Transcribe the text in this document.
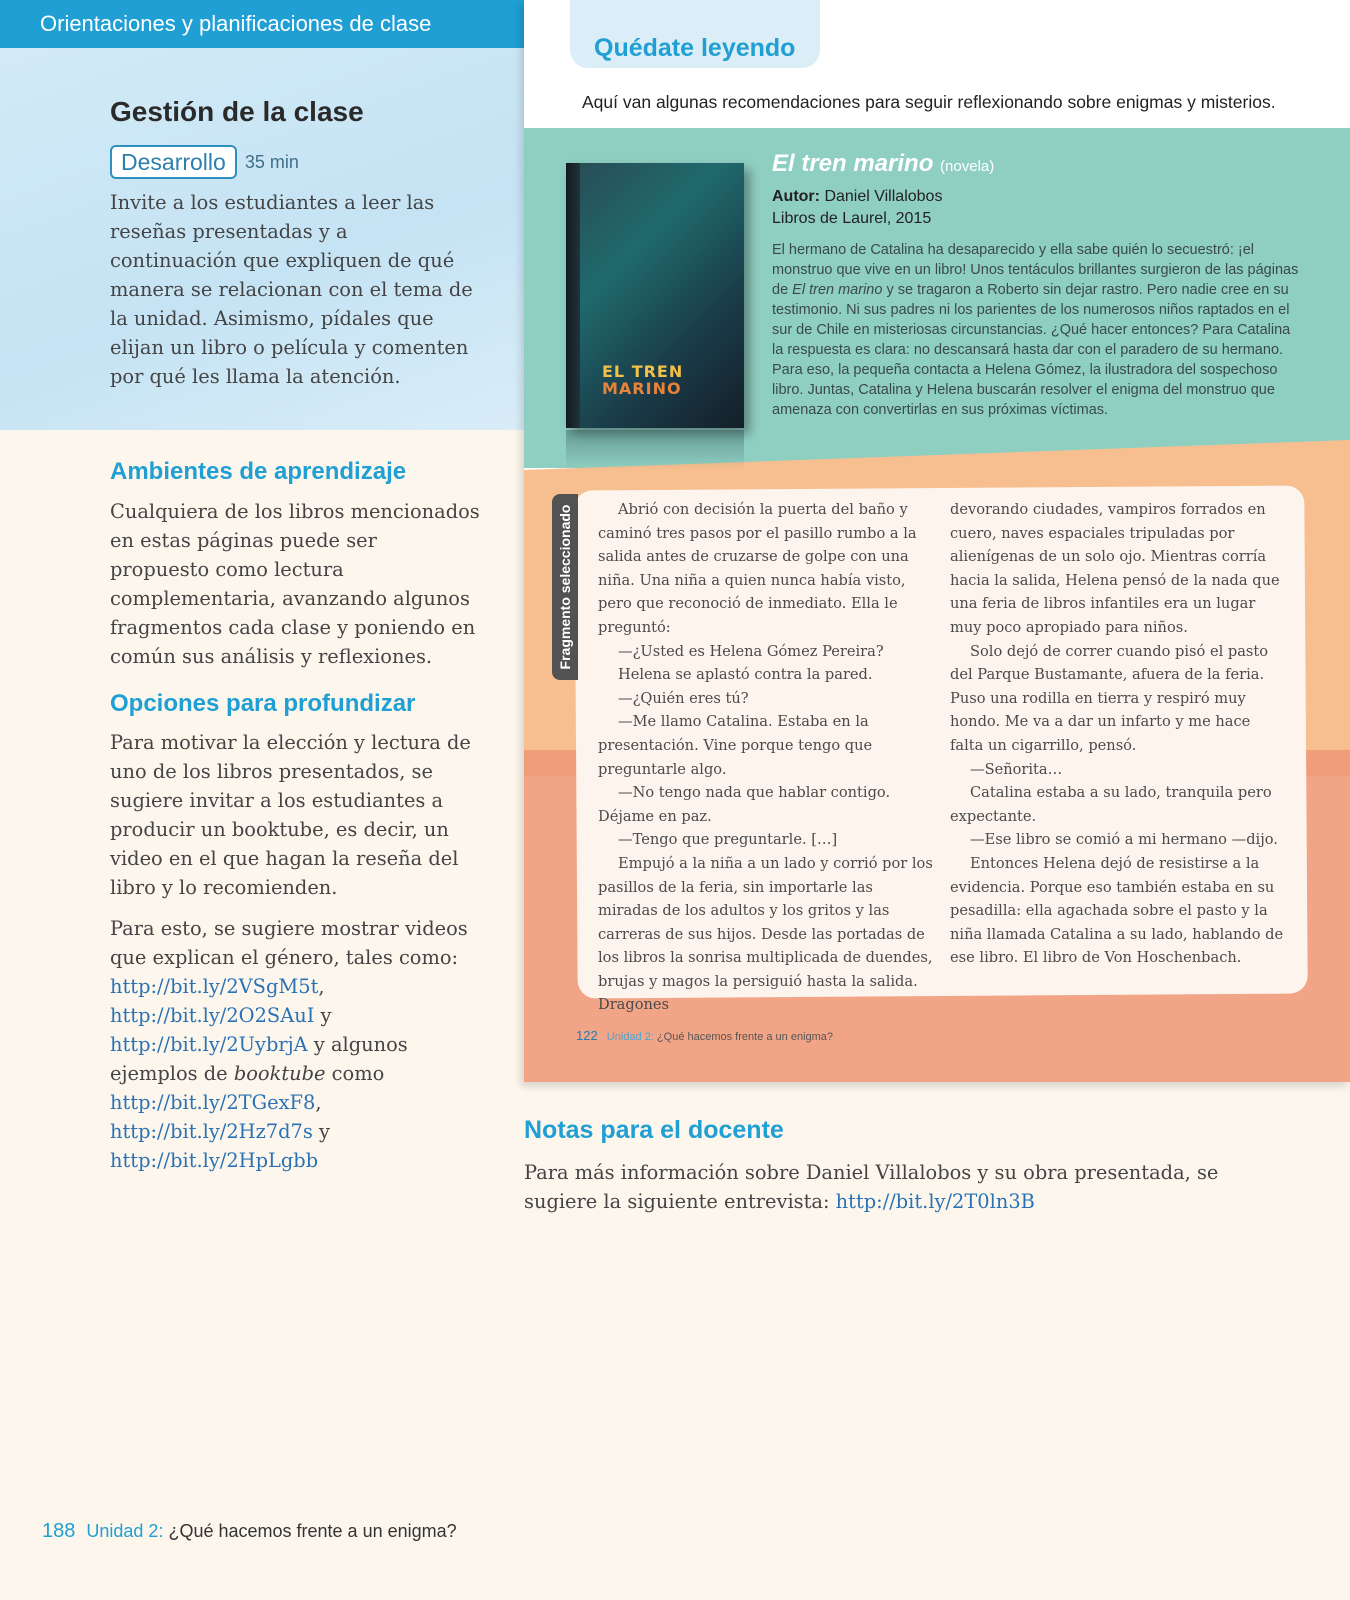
Orientaciones y planificaciones de clase
Gestión de la clase
Desarrollo	35 min

Invite a los estudiantes a leer las reseñas presentadas y a continuación que expliquen de qué manera se relacionan con el tema de la unidad. Asimismo, pídales que elijan un libro o película y comenten por qué les llama la atención.

Ambientes de aprendizaje

Cualquiera de los libros mencionados en estas páginas puede ser propuesto como lectura complementaria, avanzando algunos fragmentos cada clase y poniendo en común sus análisis y reflexiones.

Opciones para profundizar

Para motivar la elección y lectura de uno de los libros presentados, se sugiere invitar a los estudiantes a producir un booktube, es decir, un video en el que hagan la reseña del libro y lo recomienden.

Para esto, se sugiere mostrar videos que explican el género, tales como:
http://bit.ly/2VSgM5t,
http://bit.ly/2O2SAuI y
http://bit.ly/2UybrjA y algunos ejemplos de booktube como
http://bit.ly/2TGexF8,
http://bit.ly/2Hz7d7s y
http://bit.ly/2HpLgbb

188 Unidad 2: ¿Qué hacemos frente a un enigma?
Quédate leyendo

Aquí van algunas recomendaciones para seguir reflexionando sobre enigmas y misterios.

EL TREN
MARINO
El tren marino (novela)
Autor: Daniel Villalobos
Libros de Laurel, 2015

El hermano de Catalina ha desaparecido y ella sabe quién lo secuestró: ¡el monstruo que vive en un libro! Unos tentáculos brillantes surgieron de las páginas de El tren marino y se tragaron a Roberto sin dejar rastro. Pero nadie cree en su testimonio. Ni sus padres ni los parientes de los numerosos niños raptados en el sur de Chile en misteriosas circunstancias. ¿Qué hacer entonces? Para Catalina la respuesta es clara: no descansará hasta dar con el paradero de su hermano. Para eso, la pequeña contacta a Helena Gómez, la ilustradora del sospechoso libro. Juntas, Catalina y Helena buscarán resolver el enigma del monstruo que amenaza con convertirlas en sus próximas víctimas.

Fragmento seleccionado	Abrió con decisión la puerta del baño y caminó tres pasos por el pasillo rumbo a la salida antes de cruzarse de golpe con una niña. Una niña a quien nunca había visto, pero que reconoció de inmediato. Ella le preguntó:

—¿Usted es Helena Gómez Pereira?

Helena se aplastó contra la pared.

—¿Quién eres tú?

—Me llamo Catalina. Estaba en la presentación. Vine porque tengo que preguntarle algo.

—No tengo nada que hablar contigo. Déjame en paz.

—Tengo que preguntarle. […]

Empujó a la niña a un lado y corrió por los pasillos de la feria, sin importarle las miradas de los adultos y los gritos y las carreras de sus hijos. Desde las portadas de los libros la sonrisa multiplicada de duendes, brujas y magos la persiguió hasta la salida. Dragones

devorando ciudades, vampiros forrados en cuero, naves espaciales tripuladas por alienígenas de un solo ojo. Mientras corría hacia la salida, Helena pensó de la nada que una feria de libros infantiles era un lugar muy poco apropiado para niños.

Solo dejó de correr cuando pisó el pasto del Parque Bustamante, afuera de la feria. Puso una rodilla en tierra y respiró muy hondo. Me va a dar un infarto y me hace falta un cigarrillo, pensó.

—Señorita…

Catalina estaba a su lado, tranquila pero expectante.

—Ese libro se comió a mi hermano —dijo.

Entonces Helena dejó de resistirse a la evidencia. Porque eso también estaba en su pesadilla: ella agachada sobre el pasto y la niña llamada Catalina a su lado, hablando de ese libro. El libro de Von Hoschenbach.

122 Unidad 2: ¿Qué hacemos frente a un enigma?
Notas para el docente

Para más información sobre Daniel Villalobos y su obra presentada, se sugiere la siguiente entrevista: http://bit.ly/2T0ln3B
